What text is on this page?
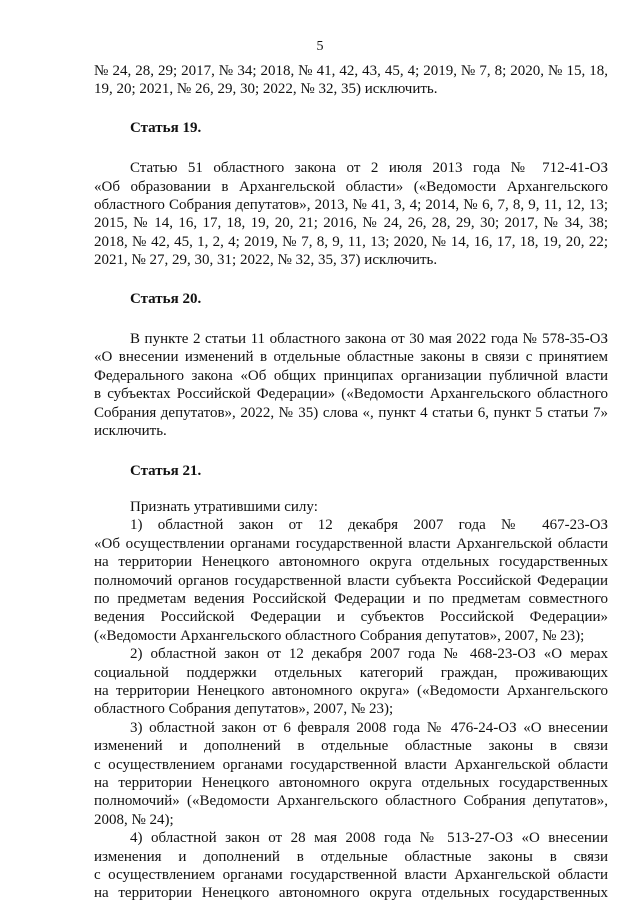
5
№ 24, 28, 29; 2017, № 34; 2018, № 41, 42, 43, 45, 4; 2019, № 7, 8; 2020, № 15, 18,
19, 20; 2021, № 26, 29, 30; 2022, № 32, 35) исключить.
Статья 19.
Статью 51 областного закона от 2 июля 2013 года № 712-41-ОЗ
«Об образовании в Архангельской области» («Ведомости Архангельского
областного Собрания депутатов», 2013, № 41, 3, 4; 2014, № 6, 7, 8, 9, 11, 12, 13;
2015, № 14, 16, 17, 18, 19, 20, 21; 2016, № 24, 26, 28, 29, 30; 2017, № 34, 38;
2018, № 42, 45, 1, 2, 4; 2019, № 7, 8, 9, 11, 13; 2020, № 14, 16, 17, 18, 19, 20, 22;
2021, № 27, 29, 30, 31; 2022, № 32, 35, 37) исключить.
Статья 20.
В пункте 2 статьи 11 областного закона от 30 мая 2022 года № 578-35-ОЗ
«О внесении изменений в отдельные областные законы в связи с принятием
Федерального закона «Об общих принципах организации публичной власти
в субъектах Российской Федерации» («Ведомости Архангельского областного
Собрания депутатов», 2022, № 35) слова «, пункт 4 статьи 6, пункт 5 статьи 7»
исключить.
Статья 21.
Признать утратившими силу:
1) областной закон от 12 декабря 2007 года № 467-23-ОЗ
«Об осуществлении органами государственной власти Архангельской области
на территории Ненецкого автономного округа отдельных государственных
полномочий органов государственной власти субъекта Российской Федерации
по предметам ведения Российской Федерации и по предметам совместного
ведения Российской Федерации и субъектов Российской Федерации»
(«Ведомости Архангельского областного Собрания депутатов», 2007, № 23);
2) областной закон от 12 декабря 2007 года № 468-23-ОЗ «О мерах
социальной поддержки отдельных категорий граждан, проживающих
на территории Ненецкого автономного округа» («Ведомости Архангельского
областного Собрания депутатов», 2007, № 23);
3) областной закон от 6 февраля 2008 года № 476-24-ОЗ «О внесении
изменений и дополнений в отдельные областные законы в связи
с осуществлением органами государственной власти Архангельской области
на территории Ненецкого автономного округа отдельных государственных
полномочий» («Ведомости Архангельского областного Собрания депутатов»,
2008, № 24);
4) областной закон от 28 мая 2008 года № 513-27-ОЗ «О внесении
изменения и дополнений в отдельные областные законы в связи
с осуществлением органами государственной власти Архангельской области
на территории Ненецкого автономного округа отдельных государственных
